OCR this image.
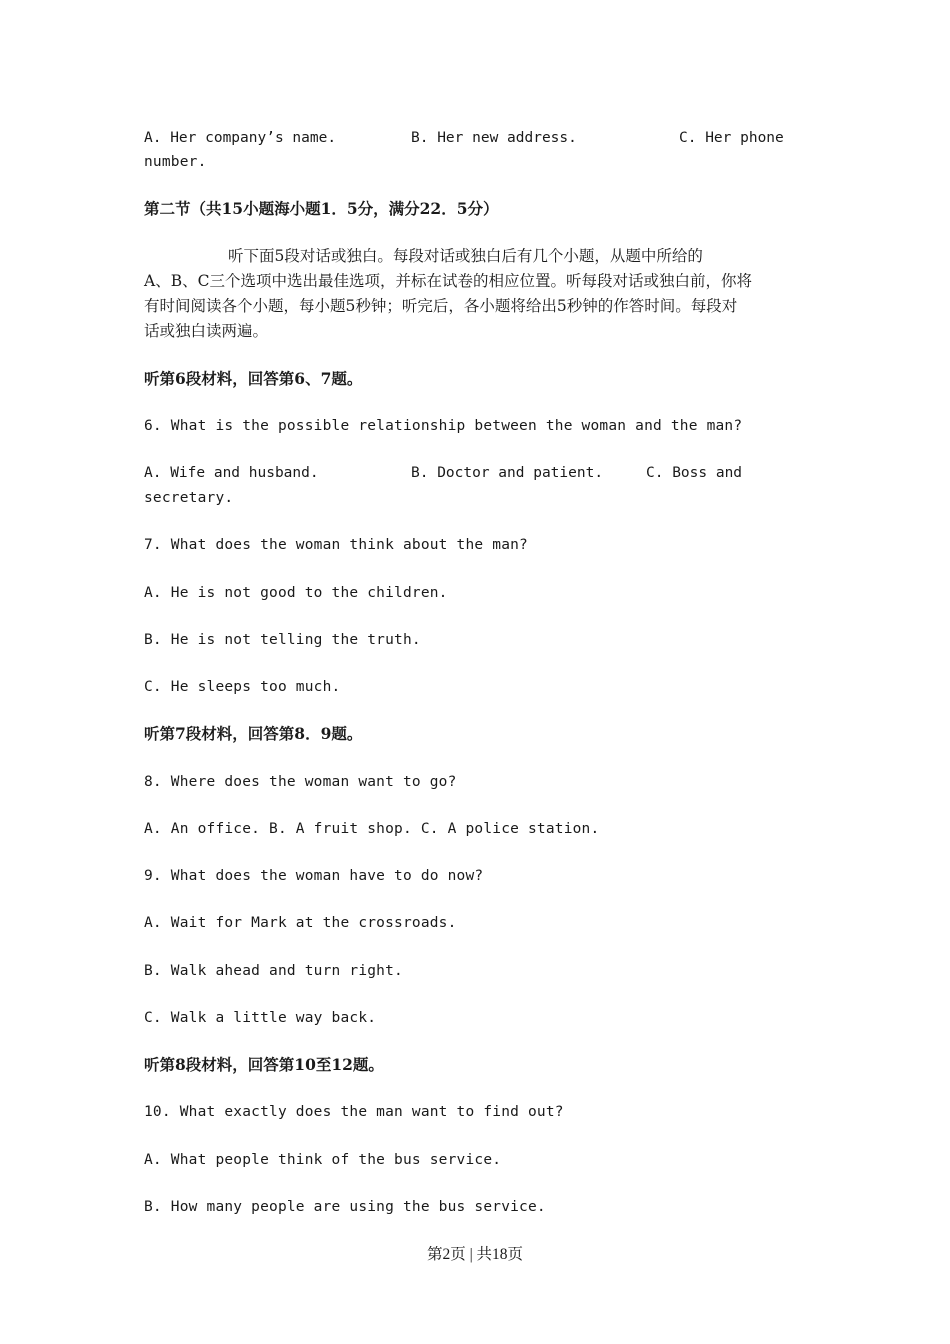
A. Her company’s name.

	B. Her new address.

	C. Her phone

number.
第二节（共15小题海小题1．5分，满分22．5分）
听下面5段对话或独白。每段对话或独白后有几个小题，从题中所给的
A、B、C三个选项中选出最佳选项，并标在试卷的相应位置。听每段对话或独白前，你将
有时间阅读各个小题，每小题5秒钟；听完后，各小题将给出5秒钟的作答时间。每段对
话或独白读两遍。
听第6段材料，回答第6、7题。
6. What is the possible relationship between the woman and the man?

A. Wife and husband.

	B. Doctor and patient.

	C. Boss and

secretary.
7. What does the woman think about the man?
A. He is not good to the children.
B. He is not telling the truth.
C. He sleeps too much.
听第7段材料，回答第8．9题。
8. Where does the woman want to go?
A. An office. B. A fruit shop. C. A police station.
9. What does the woman have to do now?
A. Wait for Mark at the crossroads.
B. Walk ahead and turn right.
C. Walk a little way back.
听第8段材料，回答第10至12题。
10. What exactly does the man want to find out?
A. What people think of the bus service.
B. How many people are using the bus service.
第2页 | 共18页
